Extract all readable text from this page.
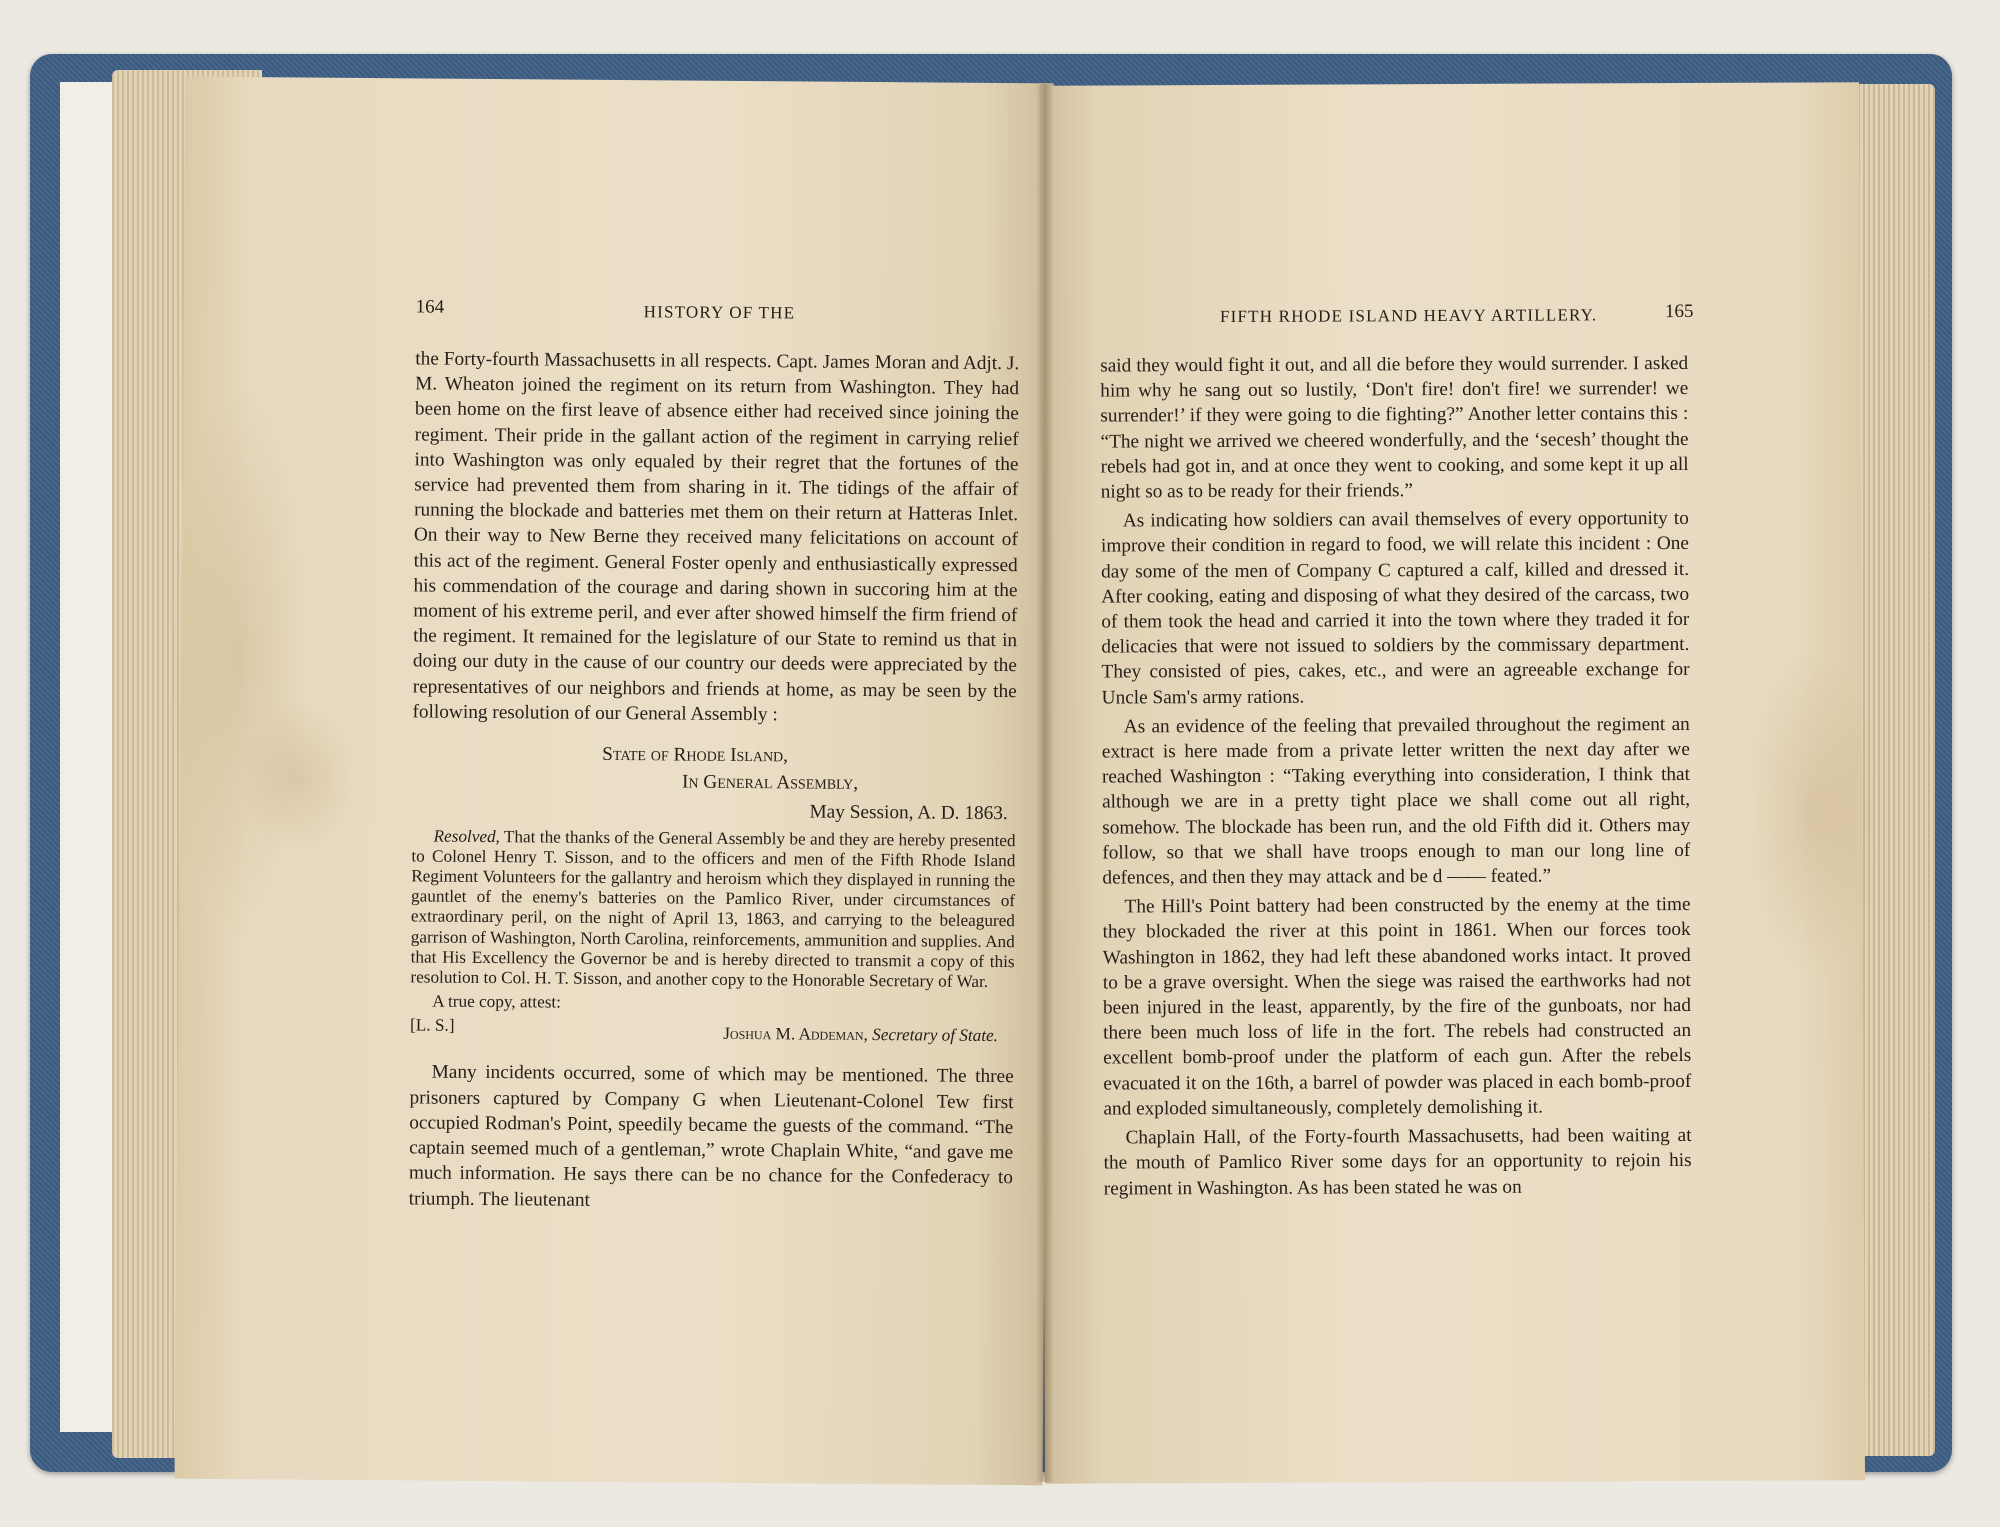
164	HISTORY OF THE

the Forty-fourth Massachusetts in all respects. Capt. James Moran and Adjt. J. M. Wheaton joined the regiment on its return from Washington. They had been home on the first leave of absence either had received since joining the regiment. Their pride in the gallant action of the regiment in carrying relief into Washington was only equaled by their regret that the fortunes of the service had prevented them from sharing in it. The tidings of the affair of running the blockade and batteries met them on their return at Hatteras Inlet. On their way to New Berne they received many felicitations on account of this act of the regiment. General Foster openly and enthusiastically expressed his commendation of the courage and daring shown in succoring him at the moment of his extreme peril, and ever after showed himself the firm friend of the regiment. It remained for the legislature of our State to remind us that in doing our duty in the cause of our country our deeds were appreciated by the representatives of our neighbors and friends at home, as may be seen by the following resolution of our General Assembly :

State of Rhode Island,
In General Assembly,
May Session, A. D. 1863.

Resolved, That the thanks of the General Assembly be and they are hereby presented to Colonel Henry T. Sisson, and to the officers and men of the Fifth Rhode Island Regiment Volunteers for the gallantry and heroism which they displayed in running the gauntlet of the enemy's batteries on the Pamlico River, under circumstances of extraordinary peril, on the night of April 13, 1863, and carrying to the beleagured garrison of Washington, North Carolina, reinforcements, ammunition and supplies. And that His Excellency the Governor be and is hereby directed to transmit a copy of this resolution to Col. H. T. Sisson, and another copy to the Honorable Secretary of War.

A true copy, attest:

[L. S.]	Joshua M. Addeman, Secretary of State.

Many incidents occurred, some of which may be mentioned. The three prisoners captured by Company G when Lieutenant-Colonel Tew first occupied Rodman's Point, speedily became the guests of the command. “The captain seemed much of a gentleman,” wrote Chaplain White, “and gave me much information. He says there can be no chance for the Confederacy to triumph. The lieutenant

FIFTH RHODE ISLAND HEAVY ARTILLERY.	165

said they would fight it out, and all die before they would surrender. I asked him why he sang out so lustily, ‘Don't fire! don't fire! we surrender! we surrender!’ if they were going to die fighting?” Another letter contains this : “The night we arrived we cheered wonderfully, and the ‘secesh’ thought the rebels had got in, and at once they went to cooking, and some kept it up all night so as to be ready for their friends.”

As indicating how soldiers can avail themselves of every opportunity to improve their condition in regard to food, we will relate this incident : One day some of the men of Company C captured a calf, killed and dressed it. After cooking, eating and disposing of what they desired of the carcass, two of them took the head and carried it into the town where they traded it for delicacies that were not issued to soldiers by the commissary department. They consisted of pies, cakes, etc., and were an agreeable exchange for Uncle Sam's army rations.

As an evidence of the feeling that prevailed throughout the regiment an extract is here made from a private letter written the next day after we reached Washington : “Taking everything into consideration, I think that although we are in a pretty tight place we shall come out all right, somehow. The blockade has been run, and the old Fifth did it. Others may follow, so that we shall have troops enough to man our long line of defences, and then they may attack and be d —— feated.”

The Hill's Point battery had been constructed by the enemy at the time they blockaded the river at this point in 1861. When our forces took Washington in 1862, they had left these abandoned works intact. It proved to be a grave oversight. When the siege was raised the earthworks had not been injured in the least, apparently, by the fire of the gunboats, nor had there been much loss of life in the fort. The rebels had constructed an excellent bomb-proof under the platform of each gun. After the rebels evacuated it on the 16th, a barrel of powder was placed in each bomb-proof and exploded simultaneously, completely demolishing it.

Chaplain Hall, of the Forty-fourth Massachusetts, had been waiting at the mouth of Pamlico River some days for an opportunity to rejoin his regiment in Washington. As has been stated he was on
